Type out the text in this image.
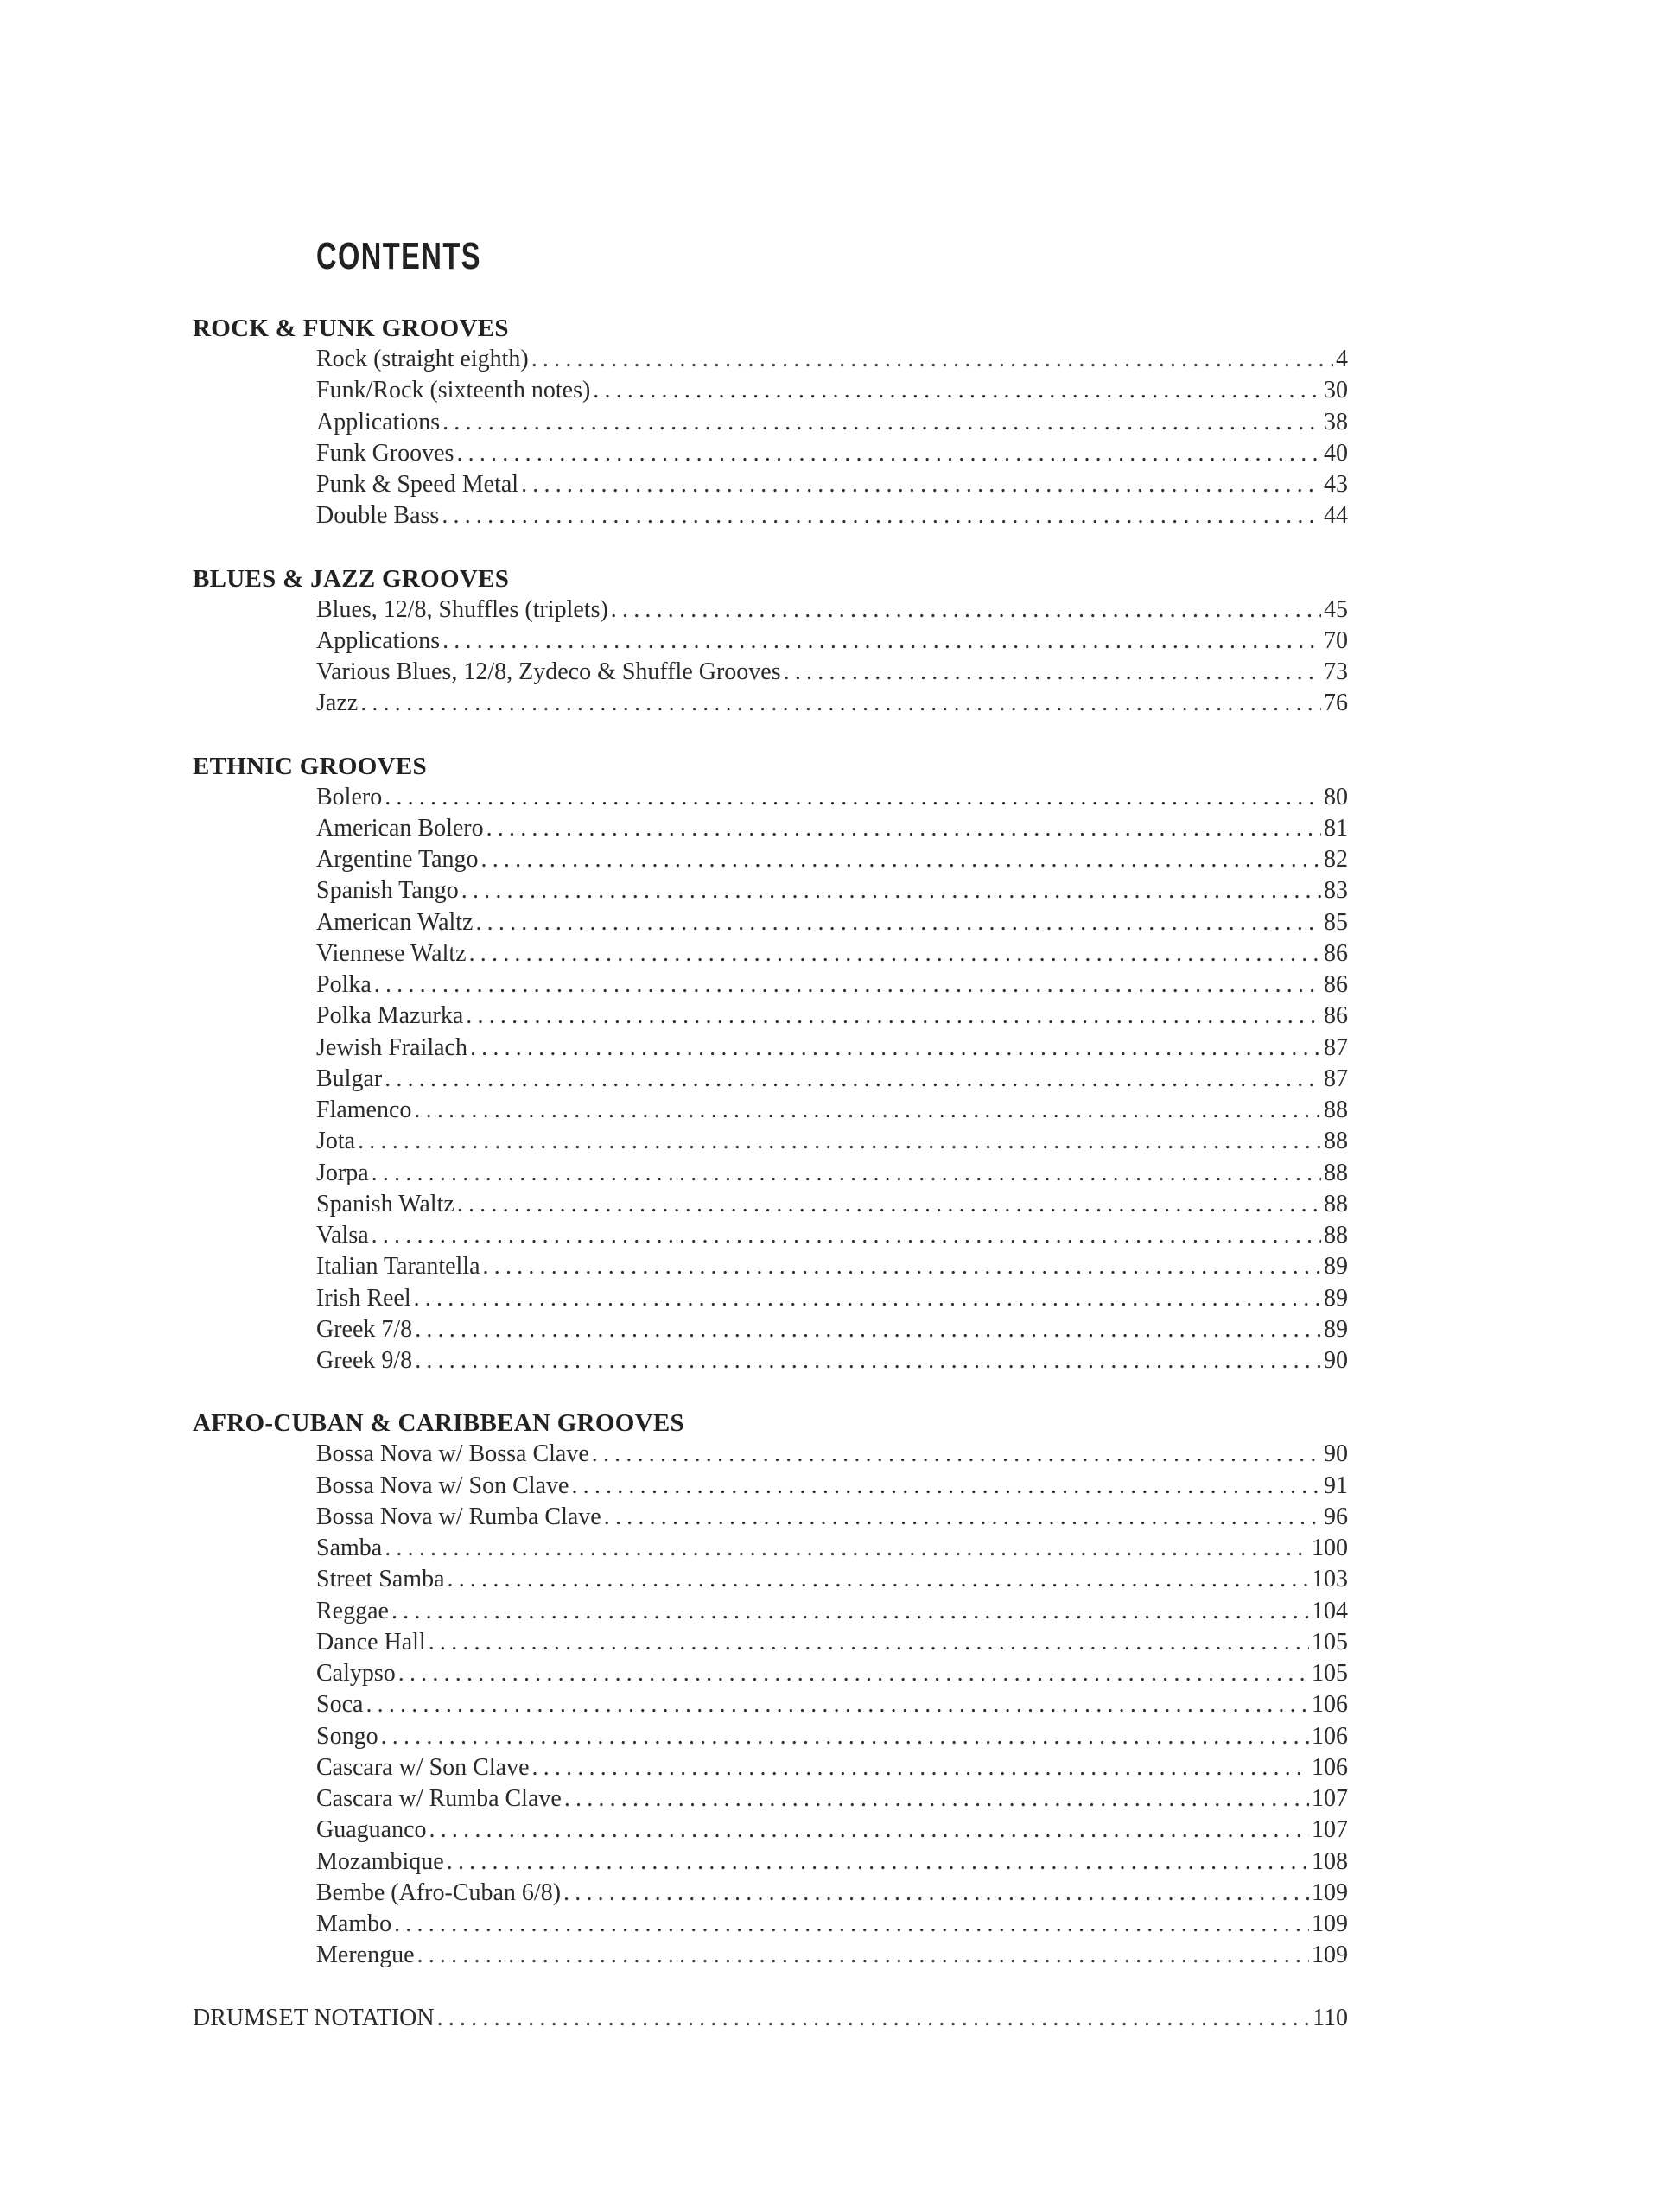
CONTENTS
ROCK & FUNK GROOVES
Rock (straight eighth) .....	4
Funk/Rock (sixteenth notes) .....	30
Applications .....	38
Funk Grooves .....	40
Punk & Speed Metal .....	43
Double Bass .....	44
BLUES & JAZZ GROOVES
Blues, 12/8, Shuffles (triplets) .....	45
Applications .....	70
Various Blues, 12/8, Zydeco & Shuffle Grooves .....	73
Jazz .....	76
ETHNIC GROOVES
Bolero .....	80
American Bolero .....	81
Argentine Tango .....	82
Spanish Tango .....	83
American Waltz .....	85
Viennese Waltz .....	86
Polka .....	86
Polka Mazurka .....	86
Jewish Frailach .....	87
Bulgar .....	87
Flamenco .....	88
Jota .....	88
Jorpa .....	88
Spanish Waltz .....	88
Valsa .....	88
Italian Tarantella .....	89
Irish Reel .....	89
Greek 7/8 .....	89
Greek 9/8 .....	90
AFRO-CUBAN & CARIBBEAN GROOVES
Bossa Nova w/ Bossa Clave .....	90
Bossa Nova w/ Son Clave .....	91
Bossa Nova w/ Rumba Clave .....	96
Samba .....	100
Street Samba .....	103
Reggae .....	104
Dance Hall .....	105
Calypso .....	105
Soca .....	106
Songo .....	106
Cascara w/ Son Clave .....	106
Cascara w/ Rumba Clave .....	107
Guaguanco .....	107
Mozambique .....	108
Bembe (Afro-Cuban 6/8) .....	109
Mambo .....	109
Merengue .....	109
DRUMSET NOTATION .....	110
